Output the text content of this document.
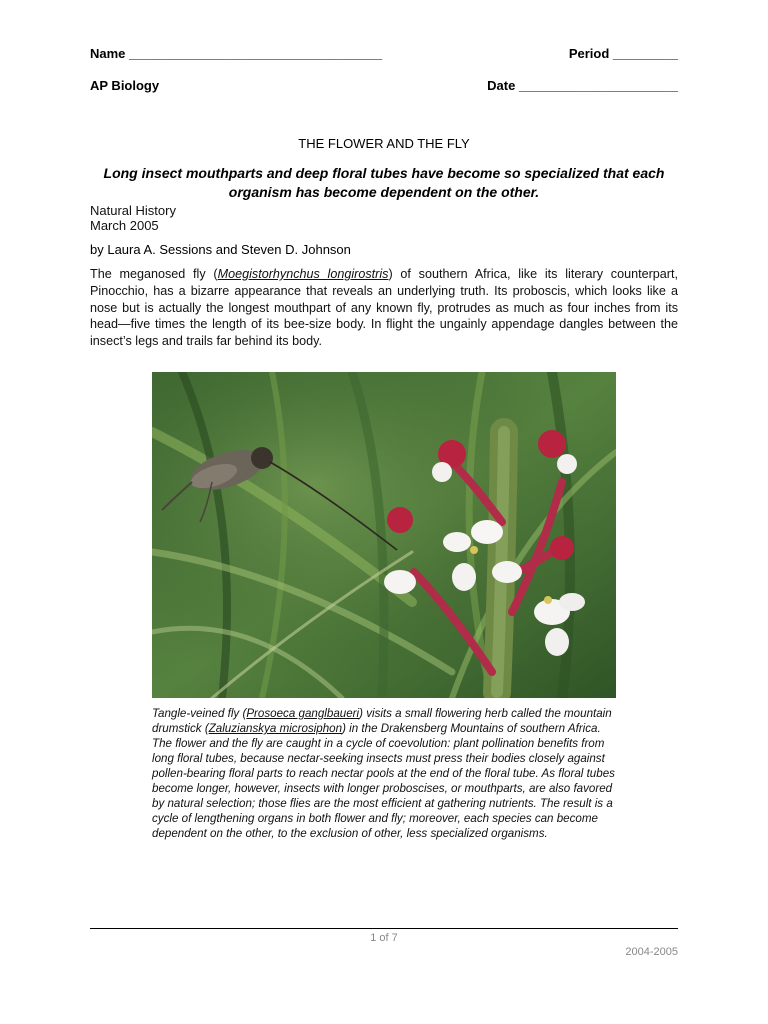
Name ___________________________________	Period _________
AP Biology	Date ______________________
THE FLOWER AND THE FLY
Long insect mouthparts and deep floral tubes have become so specialized that each organism has become dependent on the other.
Natural History
March 2005
by Laura A. Sessions and Steven D. Johnson
The meganosed fly (Moegistorhynchus longirostris) of southern Africa, like its literary counterpart, Pinocchio, has a bizarre appearance that reveals an underlying truth. Its proboscis, which looks like a nose but is actually the longest mouthpart of any known fly, protrudes as much as four inches from its head—five times the length of its bee-size body. In flight the ungainly appendage dangles between the insect’s legs and trails far behind its body.
Tangle-veined fly (Prosoeca ganglbaueri) visits a small flowering herb called the mountain drumstick (Zaluzianskya microsiphon) in the Drakensberg Mountains of southern Africa. The flower and the fly are caught in a cycle of coevolution: plant pollination benefits from long floral tubes, because nectar-seeking insects must press their bodies closely against pollen-bearing floral parts to reach nectar pools at the end of the floral tube. As floral tubes become longer, however, insects with longer proboscises, or mouthparts, are also favored by natural selection; those flies are the most efficient at gathering nutrients. The result is a cycle of lengthening organs in both flower and fly; moreover, each species can become dependent on the other, to the exclusion of other, less specialized organisms.
1 of 7
2004-2005
